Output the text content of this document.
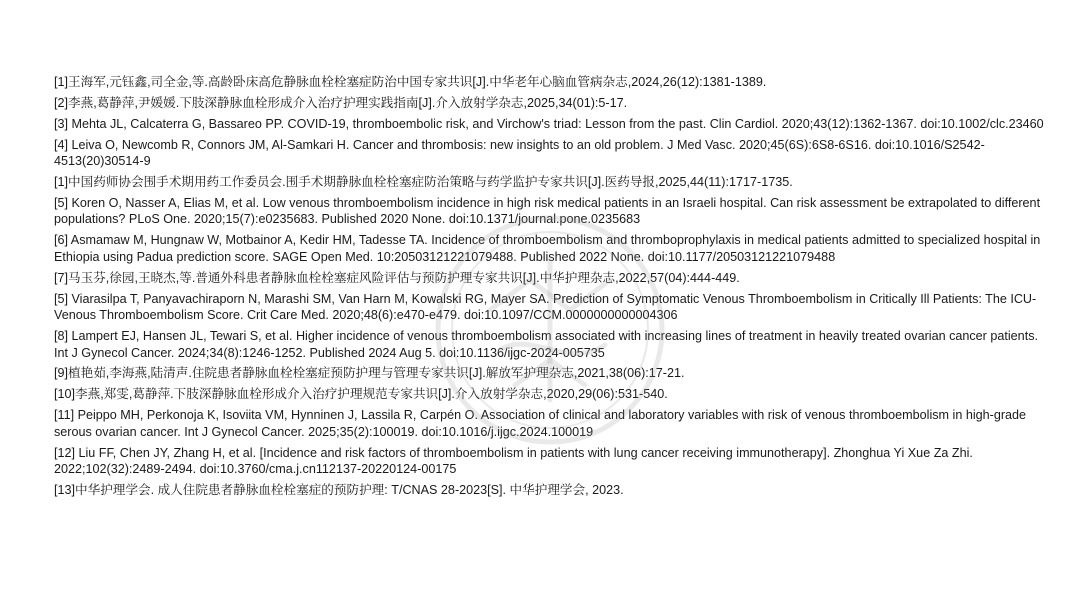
[1]王海军,元钰鑫,司全金,等.高龄卧床高危静脉血栓栓塞症防治中国专家共识[J].中华老年心脑血管病杂志,2024,26(12):1381-1389.

[2]李燕,葛静萍,尹媛媛.下肢深静脉血栓形成介入治疗护理实践指南[J].介入放射学杂志,2025,34(01):5-17.

[3] Mehta JL, Calcaterra G, Bassareo PP. COVID-19, thromboembolic risk, and Virchow's triad: Lesson from the past. Clin Cardiol. 2020;43(12):1362-1367. doi:10.1002/clc.23460

[4] Leiva O, Newcomb R, Connors JM, Al-Samkari H. Cancer and thrombosis: new insights to an old problem. J Med Vasc. 2020;45(6S):6S8-6S16. doi:10.1016/S2542-4513(20)30514-9

[1]中国药师协会围手术期用药工作委员会.围手术期静脉血栓栓塞症防治策略与药学监护专家共识[J].医药导报,2025,44(11):1717-1735.

[5] Koren O, Nasser A, Elias M, et al. Low venous thromboembolism incidence in high risk medical patients in an Israeli hospital. Can risk assessment be extrapolated to different populations? PLoS One. 2020;15(7):e0235683. Published 2020 None. doi:10.1371/journal.pone.0235683

[6] Asmamaw M, Hungnaw W, Motbainor A, Kedir HM, Tadesse TA. Incidence of thromboembolism and thromboprophylaxis in medical patients admitted to specialized hospital in Ethiopia using Padua prediction score. SAGE Open Med. 10:20503121221079488. Published 2022 None. doi:10.1177/20503121221079488

[7]马玉芬,徐园,王晓杰,等.普通外科患者静脉血栓栓塞症风险评估与预防护理专家共识[J].中华护理杂志,2022,57(04):444-449.

[5] Viarasilpa T, Panyavachiraporn N, Marashi SM, Van Harn M, Kowalski RG, Mayer SA. Prediction of Symptomatic Venous Thromboembolism in Critically Ill Patients: The ICU-Venous Thromboembolism Score. Crit Care Med. 2020;48(6):e470-e479. doi:10.1097/CCM.0000000000004306

[8] Lampert EJ, Hansen JL, Tewari S, et al. Higher incidence of venous thromboembolism associated with increasing lines of treatment in heavily treated ovarian cancer patients. Int J Gynecol Cancer. 2024;34(8):1246-1252. Published 2024 Aug 5. doi:10.1136/ijgc-2024-005735

[9]植艳茹,李海燕,陆清声.住院患者静脉血栓栓塞症预防护理与管理专家共识[J].解放军护理杂志,2021,38(06):17-21.

[10]李燕,郑雯,葛静萍.下肢深静脉血栓形成介入治疗护理规范专家共识[J].介入放射学杂志,2020,29(06):531-540.

[11] Peippo MH, Perkonoja K, Isoviita VM, Hynninen J, Lassila R, Carpén O. Association of clinical and laboratory variables with risk of venous thromboembolism in high-grade serous ovarian cancer. Int J Gynecol Cancer. 2025;35(2):100019. doi:10.1016/j.ijgc.2024.100019

[12] Liu FF, Chen JY, Zhang H, et al. [Incidence and risk factors of thromboembolism in patients with lung cancer receiving immunotherapy]. Zhonghua Yi Xue Za Zhi. 2022;102(32):2489-2494. doi:10.3760/cma.j.cn112137-20220124-00175

[13]中华护理学会. 成人住院患者静脉血栓栓塞症的预防护理: T/CNAS 28-2023[S]. 中华护理学会, 2023.
